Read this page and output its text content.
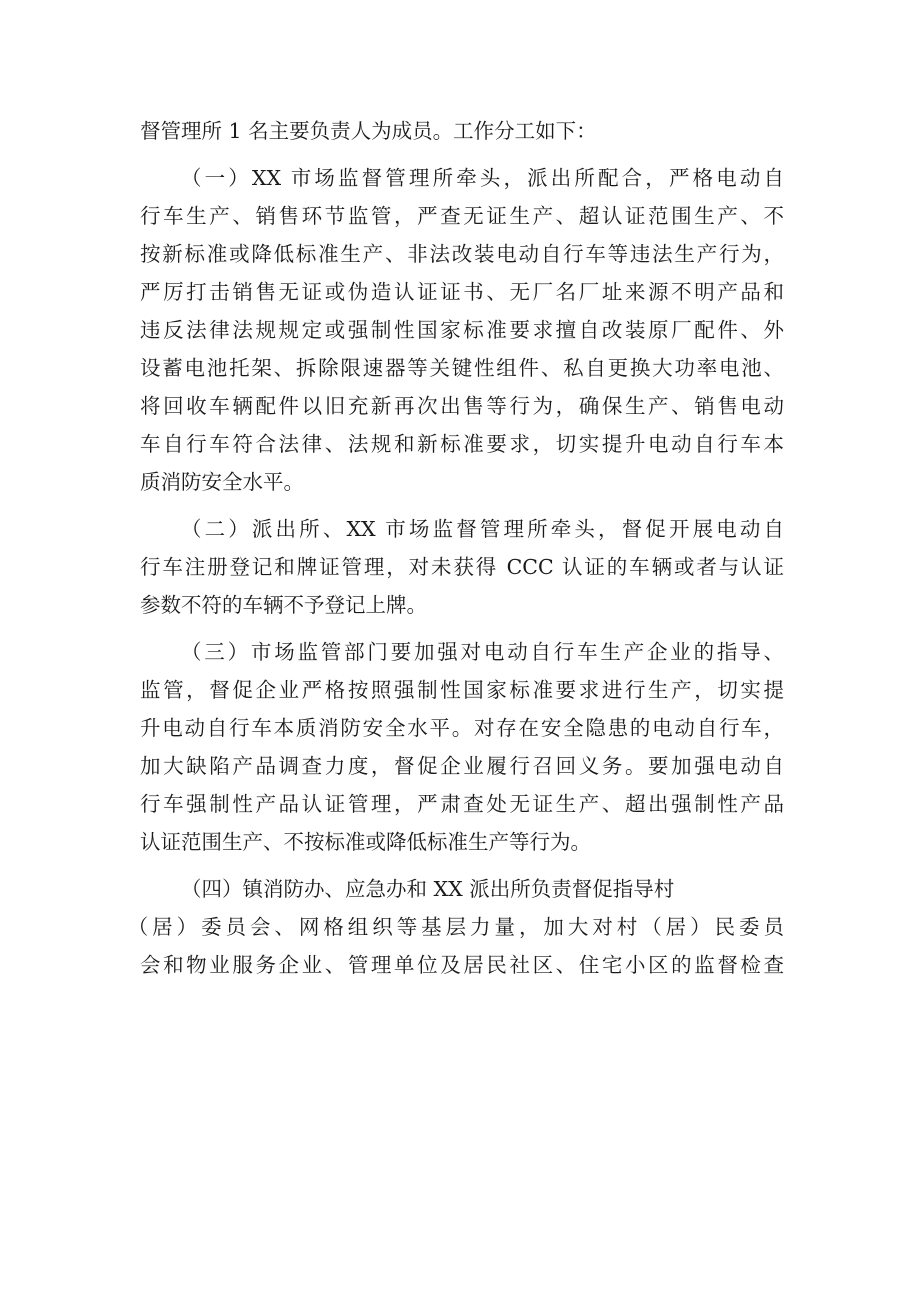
督管理所 1 名主要负责人为成员。工作分工如下：

（一）XX 市场监督管理所牵头，派出所配合，严格电动自
行车生产、销售环节监管，严查无证生产、超认证范围生产、不
按新标准或降低标准生产、非法改装电动自行车等违法生产行为，
严厉打击销售无证或伪造认证证书、无厂名厂址来源不明产品和
违反法律法规规定或强制性国家标准要求擅自改装原厂配件、外
设蓄电池托架、拆除限速器等关键性组件、私自更换大功率电池、
将回收车辆配件以旧充新再次出售等行为，确保生产、销售电动
车自行车符合法律、法规和新标准要求，切实提升电动自行车本
质消防安全水平。

（二）派出所、XX 市场监督管理所牵头，督促开展电动自
行车注册登记和牌证管理，对未获得 CCC 认证的车辆或者与认证
参数不符的车辆不予登记上牌。

（三）市场监管部门要加强对电动自行车生产企业的指导、
监管，督促企业严格按照强制性国家标准要求进行生产，切实提
升电动自行车本质消防安全水平。对存在安全隐患的电动自行车，
加大缺陷产品调查力度，督促企业履行召回义务。要加强电动自
行车强制性产品认证管理，严肃查处无证生产、超出强制性产品
认证范围生产、不按标准或降低标准生产等行为。

（四）镇消防办、应急办和 XX 派出所负责督促指导村
（居）委员会、网格组织等基层力量，加大对村（居）民委员
会和物业服务企业、管理单位及居民社区、住宅小区的监督检查
